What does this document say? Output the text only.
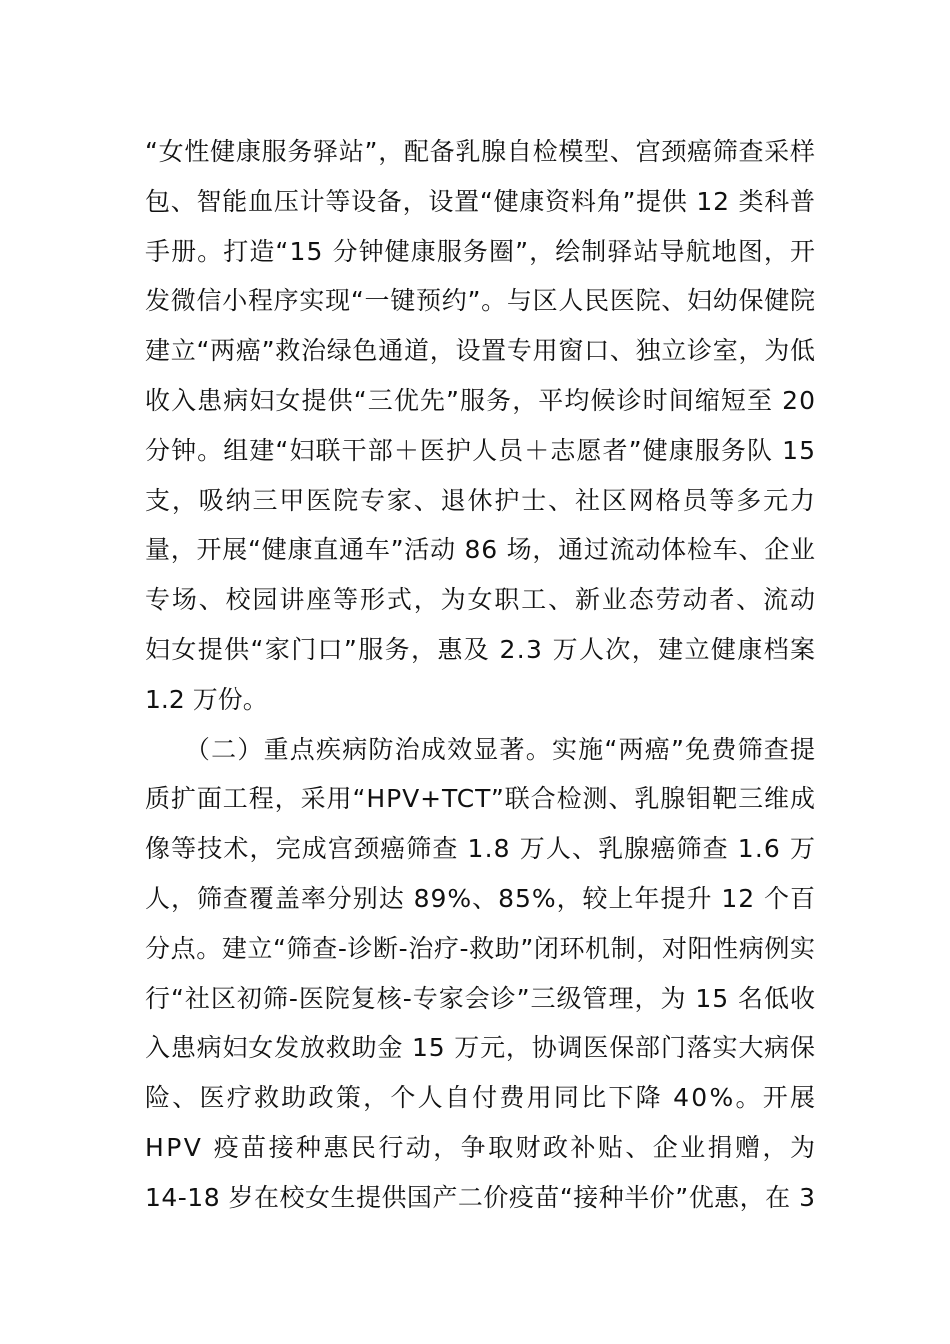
“女性健康服务驿站”，配备乳腺自检模型、宫颈癌筛查采样
包、智能血压计等设备，设置“健康资料角”提供 12 类科普
手册。打造“15 分钟健康服务圈”，绘制驿站导航地图，开
发微信小程序实现“一键预约”。与区人民医院、妇幼保健院
建立“两癌”救治绿色通道，设置专用窗口、独立诊室，为低
收入患病妇女提供“三优先”服务，平均候诊时间缩短至 20
分钟。组建“妇联干部＋医护人员＋志愿者”健康服务队 15
支，吸纳三甲医院专家、退休护士、社区网格员等多元力
量，开展“健康直通车”活动 86 场，通过流动体检车、企业
专场、校园讲座等形式，为女职工、新业态劳动者、流动
妇女提供“家门口”服务，惠及 2.3 万人次，建立健康档案
1.2 万份。
　　（二）重点疾病防治成效显著。实施“两癌”免费筛查提
质扩面工程，采用“HPV+TCT”联合检测、乳腺钼靶三维成
像等技术，完成宫颈癌筛查 1.8 万人、乳腺癌筛查 1.6 万
人，筛查覆盖率分别达 89%、85%，较上年提升 12 个百
分点。建立“筛查-诊断-治疗-救助”闭环机制，对阳性病例实
行“社区初筛-医院复核-专家会诊”三级管理，为 15 名低收
入患病妇女发放救助金 15 万元，协调医保部门落实大病保
险、医疗救助政策，个人自付费用同比下降 40%。开展
HPV 疫苗接种惠民行动，争取财政补贴、企业捐赠，为
14-18 岁在校女生提供国产二价疫苗“接种半价”优惠，在 3
